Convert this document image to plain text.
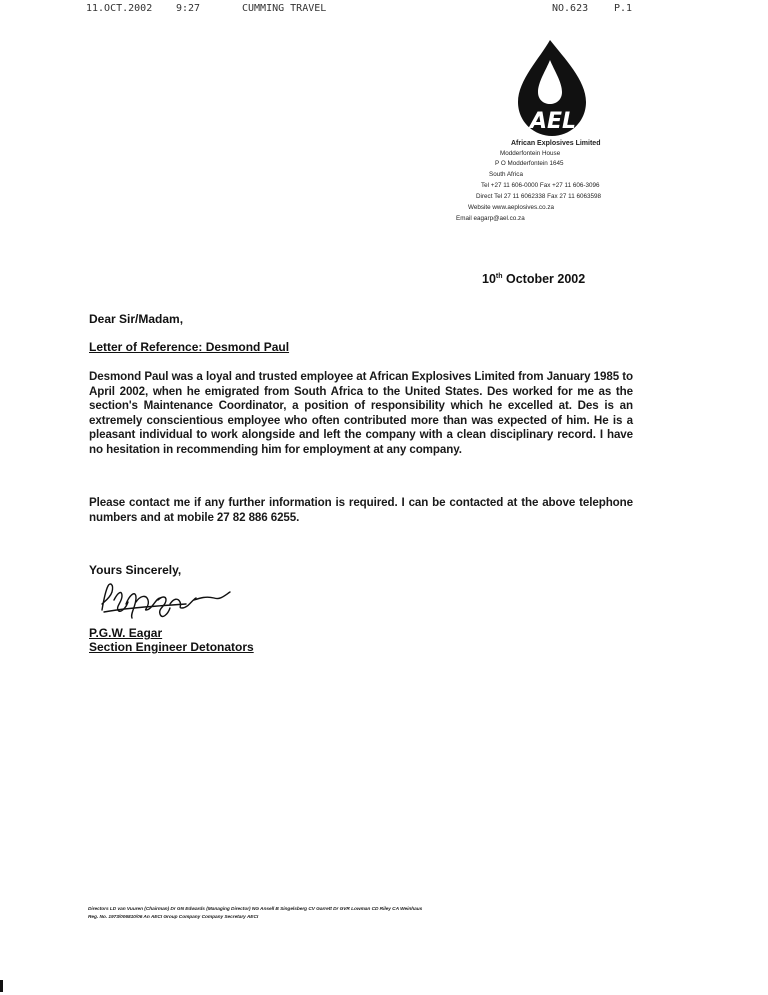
11.OCT.2002 9:27	CUMMING TRAVEL	NO.623	P.1
AEL
African Explosives Limited
Modderfontein House
P O Modderfontein 1645
South Africa
Tel +27 11 606-0000 Fax +27 11 606-3096
Direct Tel 27 11 6062338 Fax 27 11 6063598
Website www.aeplosives.co.za
Email eagarp@ael.co.za
10th October 2002
Dear Sir/Madam,
Letter of Reference: Desmond Paul
Desmond Paul was a loyal and trusted employee at African Explosives Limited from January 1985 to April 2002, when he emigrated from South Africa to the United States. Des worked for me as the section's Maintenance Coordinator, a position of responsibility which he excelled at. Des is an extremely conscientious employee who often contributed more than was expected of him. He is a pleasant individual to work alongside and left the company with a clean disciplinary record. I have no hesitation in recommending him for employment at any company.
Please contact me if any further information is required. I can be contacted at the above telephone numbers and at mobile 27 82 886 6255.
Yours Sincerely,
P.G.W. Eagar
Section Engineer Detonators
Directors LD van Vuuren (Chairman) Dr GN Edwards (Managing Director) NG Ansell B Singelsberg CV Garrett Dr GVR Lowman CD Riley CA Weinhaus
Reg. No. 1973/006810/06 An AECI Group Company Company Secretary AECI
